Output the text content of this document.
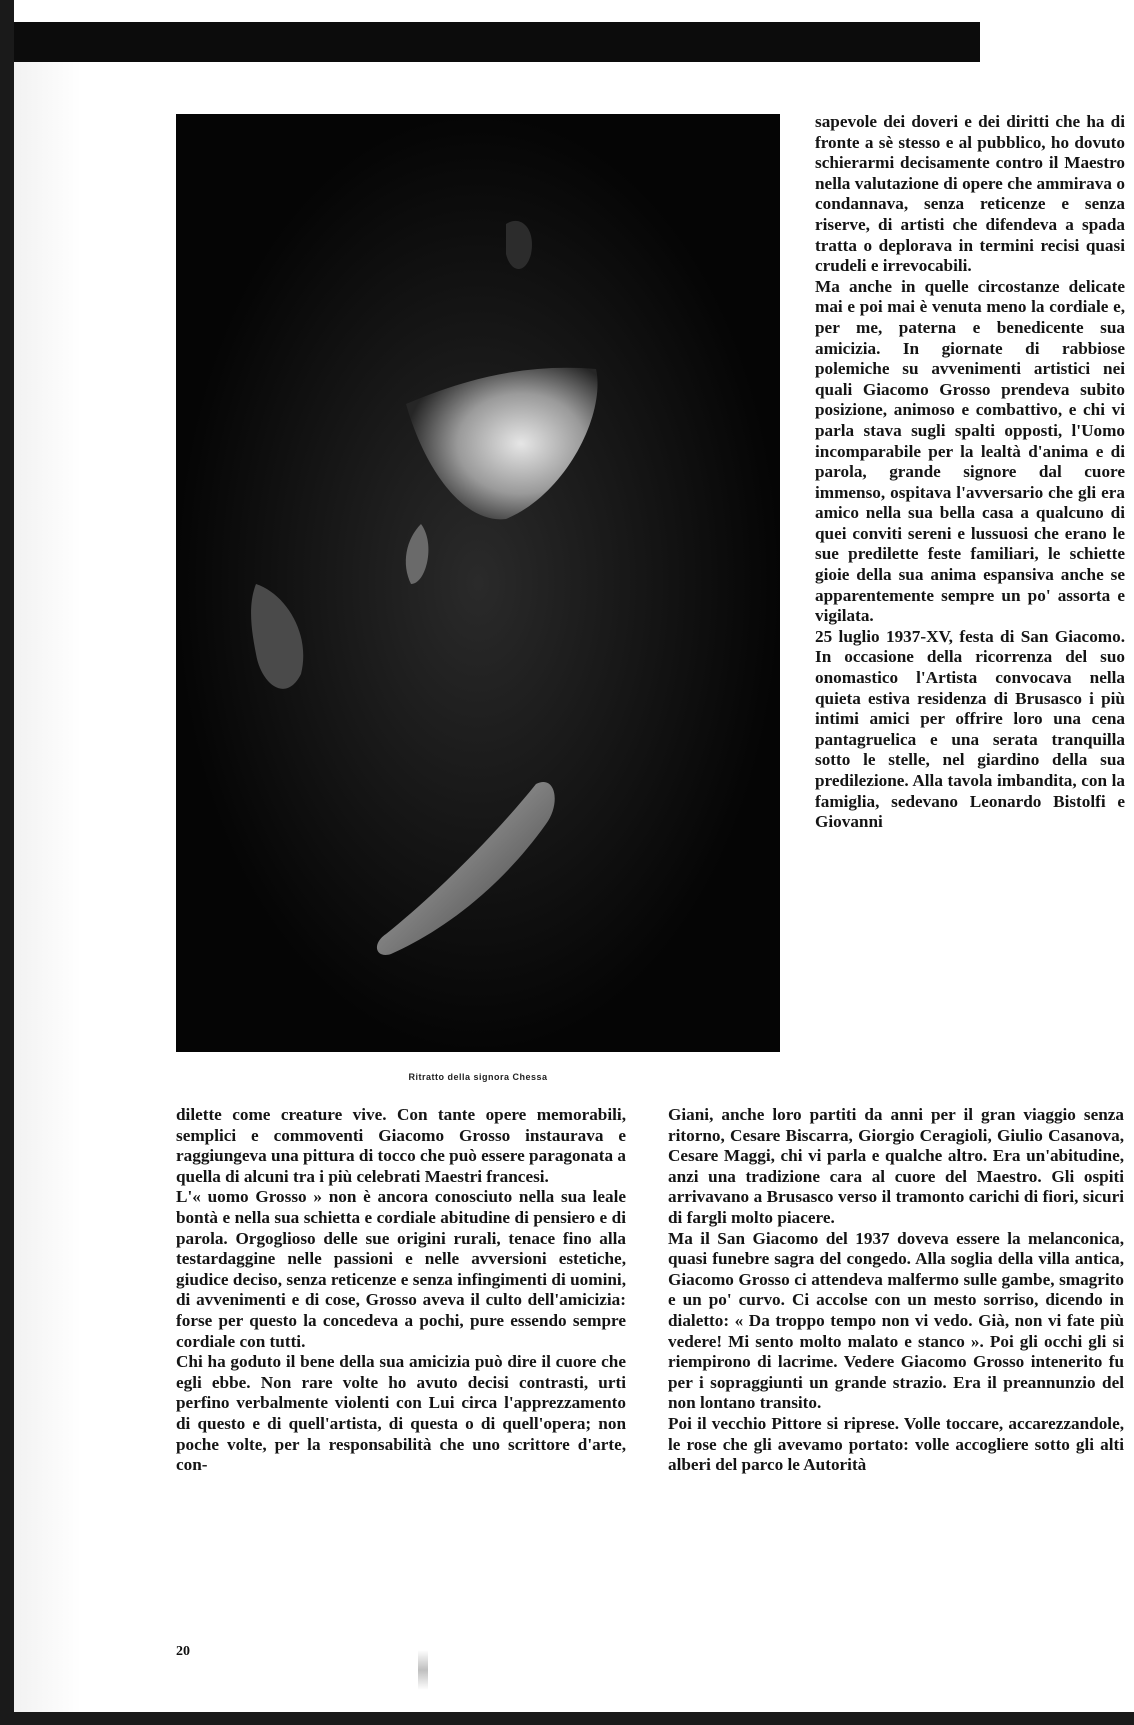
Ritratto della signora Chessa

sapevole dei doveri e dei diritti che ha di fronte a sè stesso e al pubblico, ho dovuto schierarmi decisamente contro il Maestro nella valutazione di opere che ammirava o condannava, senza reticenze e senza riserve, di artisti che difendeva a spada tratta o deplorava in termini recisi quasi crudeli e irrevocabili.

Ma anche in quelle circostanze delicate mai e poi mai è venuta meno la cordiale e, per me, paterna e benedicente sua amicizia. In giornate di rabbiose polemiche su avvenimenti artistici nei quali Giacomo Grosso prendeva subito posizione, animoso e combattivo, e chi vi parla stava sugli spalti opposti, l'Uomo incomparabile per la lealtà d'anima e di parola, grande signore dal cuore immenso, ospitava l'avversario che gli era amico nella sua bella casa a qualcuno di quei conviti sereni e lussuosi che erano le sue predilette feste familiari, le schiette gioie della sua anima espansiva anche se apparentemente sempre un po' assorta e vigilata.

25 luglio 1937-XV, festa di San Giacomo. In occasione della ricorrenza del suo onomastico l'Artista convocava nella quieta estiva residenza di Brusasco i più intimi amici per offrire loro una cena pantagruelica e una serata tranquilla sotto le stelle, nel giardino della sua predilezione. Alla tavola imbandita, con la famiglia, sedevano Leonardo Bistolfi e Giovanni

dilette come creature vive. Con tante opere memorabili, semplici e commoventi Giacomo Grosso instaurava e raggiungeva una pittura di tocco che può essere paragonata a quella di alcuni tra i più celebrati Maestri francesi.

L'« uomo Grosso » non è ancora conosciuto nella sua leale bontà e nella sua schietta e cordiale abitudine di pensiero e di parola. Orgoglioso delle sue origini rurali, tenace fino alla testardaggine nelle passioni e nelle avversioni estetiche, giudice deciso, senza reticenze e senza infingimenti di uomini, di avvenimenti e di cose, Grosso aveva il culto dell'amicizia: forse per questo la concedeva a pochi, pure essendo sempre cordiale con tutti.

Chi ha goduto il bene della sua amicizia può dire il cuore che egli ebbe. Non rare volte ho avuto decisi contrasti, urti perfino verbalmente violenti con Lui circa l'apprezzamento di questo e di quell'artista, di questa o di quell'opera; non poche volte, per la responsabilità che uno scrittore d'arte, con-

Giani, anche loro partiti da anni per il gran viaggio senza ritorno, Cesare Biscarra, Giorgio Ceragioli, Giulio Casanova, Cesare Maggi, chi vi parla e qualche altro. Era un'abitudine, anzi una tradizione cara al cuore del Maestro. Gli ospiti arrivavano a Brusasco verso il tramonto carichi di fiori, sicuri di fargli molto piacere.

Ma il San Giacomo del 1937 doveva essere la melanconica, quasi funebre sagra del congedo. Alla soglia della villa antica, Giacomo Grosso ci attendeva malfermo sulle gambe, smagrito e un po' curvo. Ci accolse con un mesto sorriso, dicendo in dialetto: « Da troppo tempo non vi vedo. Già, non vi fate più vedere! Mi sento molto malato e stanco ». Poi gli occhi gli si riempirono di lacrime. Vedere Giacomo Grosso intenerito fu per i sopraggiunti un grande strazio. Era il preannunzio del non lontano transito.

Poi il vecchio Pittore si riprese. Volle toccare, accarezzandole, le rose che gli avevamo portato: volle accogliere sotto gli alti alberi del parco le Autorità

20
